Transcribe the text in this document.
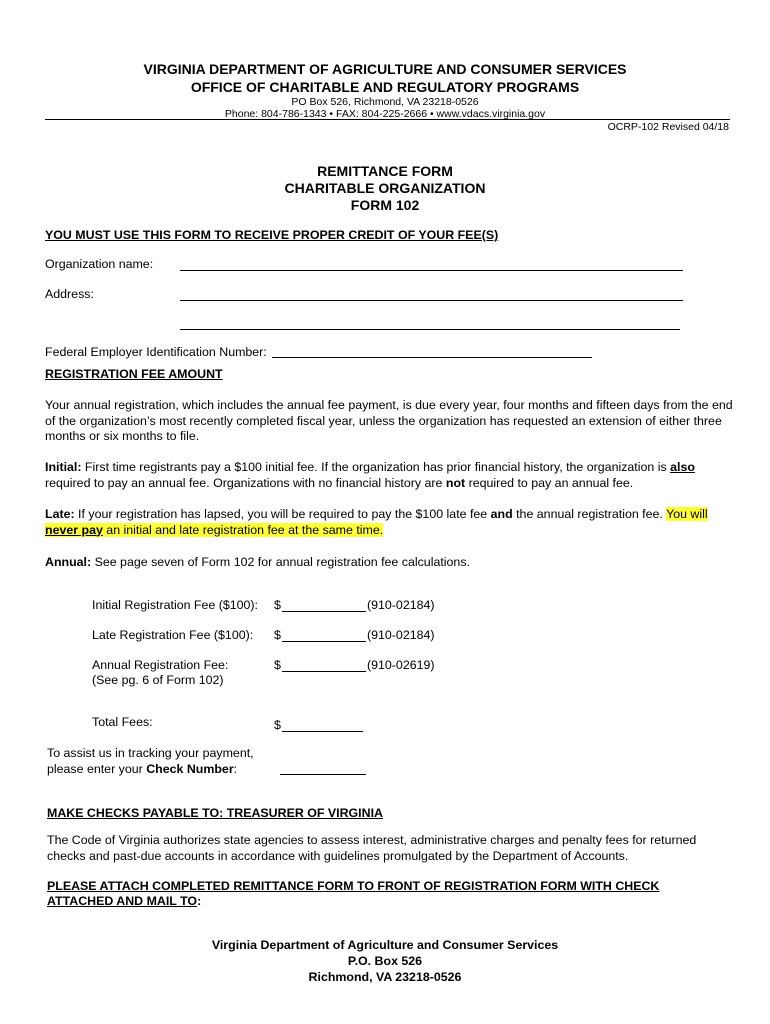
VIRGINIA DEPARTMENT OF AGRICULTURE AND CONSUMER SERVICES
OFFICE OF CHARITABLE AND REGULATORY PROGRAMS
PO Box 526, Richmond, VA 23218-0526
Phone: 804-786-1343 • FAX: 804-225-2666 • www.vdacs.virginia.gov
OCRP-102 Revised 04/18
REMITTANCE FORM
CHARITABLE ORGANIZATION
FORM 102
YOU MUST USE THIS FORM TO RECEIVE PROPER CREDIT OF YOUR FEE(S)
Organization name:
Address:
Federal Employer Identification Number:
REGISTRATION FEE AMOUNT
Your annual registration, which includes the annual fee payment, is due every year, four months and fifteen days from the end of the organization’s most recently completed fiscal year, unless the organization has requested an extension of either three months or six months to file.
Initial: First time registrants pay a $100 initial fee. If the organization has prior financial history, the organization is also required to pay an annual fee. Organizations with no financial history are not required to pay an annual fee.
Late: If your registration has lapsed, you will be required to pay the $100 late fee and the annual registration fee. You will never pay an initial and late registration fee at the same time.
Annual: See page seven of Form 102 for annual registration fee calculations.
Initial Registration Fee ($100): $	(910-02184)
Late Registration Fee ($100): $	(910-02184)
Annual Registration Fee:
(See pg. 6 of Form 102)
$	(910-02619)
Total Fees:	$
To assist us in tracking your payment,
please enter your Check Number:
MAKE CHECKS PAYABLE TO: TREASURER OF VIRGINIA
The Code of Virginia authorizes state agencies to assess interest, administrative charges and penalty fees for returned checks and past-due accounts in accordance with guidelines promulgated by the Department of Accounts.
PLEASE ATTACH COMPLETED REMITTANCE FORM TO FRONT OF REGISTRATION FORM WITH CHECK
ATTACHED AND MAIL TO:
Virginia Department of Agriculture and Consumer Services
P.O. Box 526
Richmond, VA 23218-0526
